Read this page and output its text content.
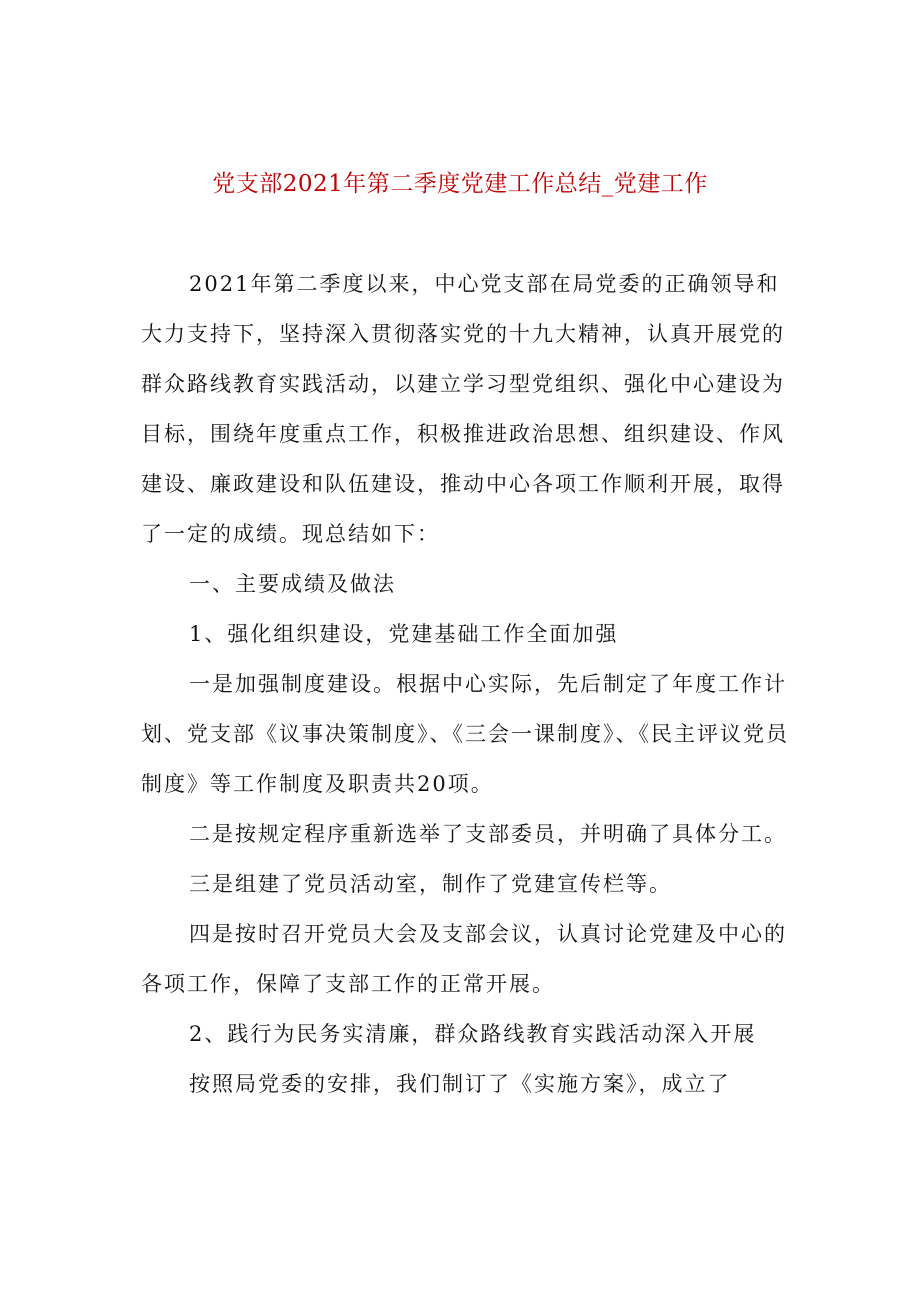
党支部2021年第二季度党建工作总结_党建工作

2021年第二季度以来，中心党支部在局党委的正确领导和大力支持下，坚持深入贯彻落实党的十九大精神，认真开展党的群众路线教育实践活动，以建立学习型党组织、强化中心建设为目标，围绕年度重点工作，积极推进政治思想、组织建设、作风建设、廉政建设和队伍建设，推动中心各项工作顺利开展，取得了一定的成绩。现总结如下：

一、主要成绩及做法

1、强化组织建设，党建基础工作全面加强

一是加强制度建设。根据中心实际，先后制定了年度工作计划、党支部《议事决策制度》、《三会一课制度》、《民主评议党员制度》等工作制度及职责共20项。

二是按规定程序重新选举了支部委员，并明确了具体分工。

三是组建了党员活动室，制作了党建宣传栏等。

四是按时召开党员大会及支部会议，认真讨论党建及中心的各项工作，保障了支部工作的正常开展。

2、践行为民务实清廉，群众路线教育实践活动深入开展

按照局党委的安排，我们制订了《实施方案》，成立了
